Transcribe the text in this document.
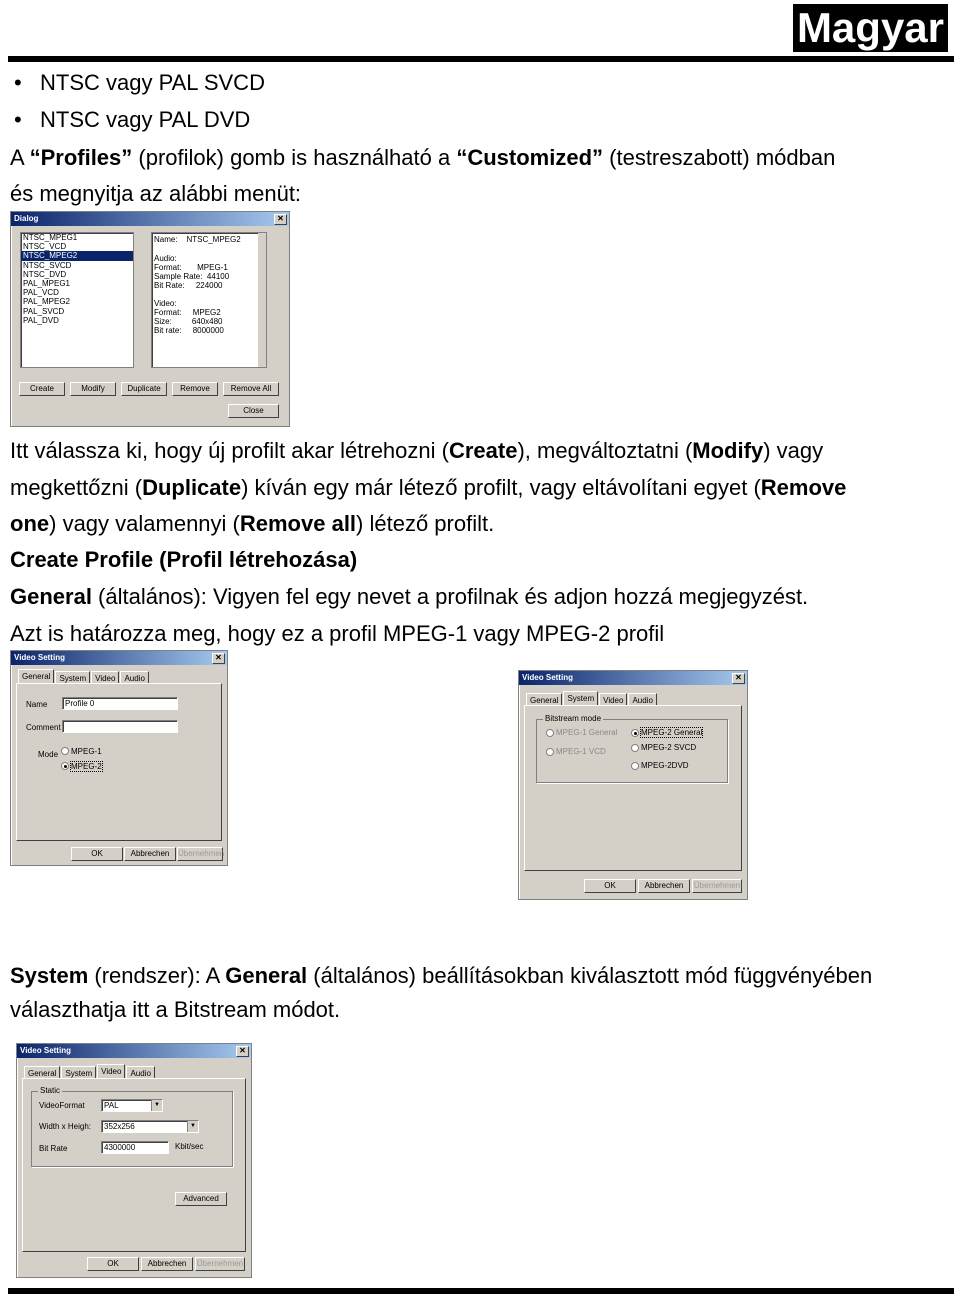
Magyar
• NTSC vagy PAL SVCD
• NTSC vagy PAL DVD
A “Profiles” (profilok) gomb is használható a “Customized” (testreszabott) módban
és megnyitja az alábbi menüt:
Dialog	✕
NTSC_MPEG1
NTSC_VCD
NTSC_MPEG2
NTSC_SVCD
NTSC_DVD
PAL_MPEG1
PAL_VCD
PAL_MPEG2
PAL_SVCD
PAL_DVD
Name: NTSC_MPEG2
Audio:
Format: MPEG-1
Sample Rate: 44100
Bit Rate: 224000
Video:
Format: MPEG2
Size:	640x480
Bit rate: 8000000
Create	Modify	Duplicate	Remove	Remove All
Close
Itt válassza ki, hogy új profilt akar létrehozni (Create), megváltoztatni (Modify) vagy
megkettőzni (Duplicate) kíván egy már létező profilt, vagy eltávolítani egyet (Remove
one) vagy valamennyi (Remove all) létező profilt.
Create Profile (Profil létrehozása)
General (általános): Vigyen fel egy nevet a profilnak és adjon hozzá megjegyzést.
Azt is határozza meg, hogy ez a profil MPEG-1 vagy MPEG-2 profil
Video Setting	✕
General	System	Video	Audio
Name	Profile 0
Comment
Mode MPEG-1
MPEG-2
OK	Abbrechen	Übernehmen
Video Setting	✕
General	System	Video	Audio
Bitstream mode
MPEG-1 General
MPEG-1 VCD
MPEG-2 General
MPEG-2 SVCD
MPEG-2DVD
OK	Abbrechen	Übernehmen
System (rendszer): A General (általános) beállításokban kiválasztott mód függvényében
választhatja itt a Bitstream módot.
Video Setting	✕
General	System	Video	Audio
Static
VideoFormat	PAL	▼
Width x Heigh:	352x256	▼
Bit Rate	4300000	Kbit/sec
Advanced
OK	Abbrechen	Übernehmen
